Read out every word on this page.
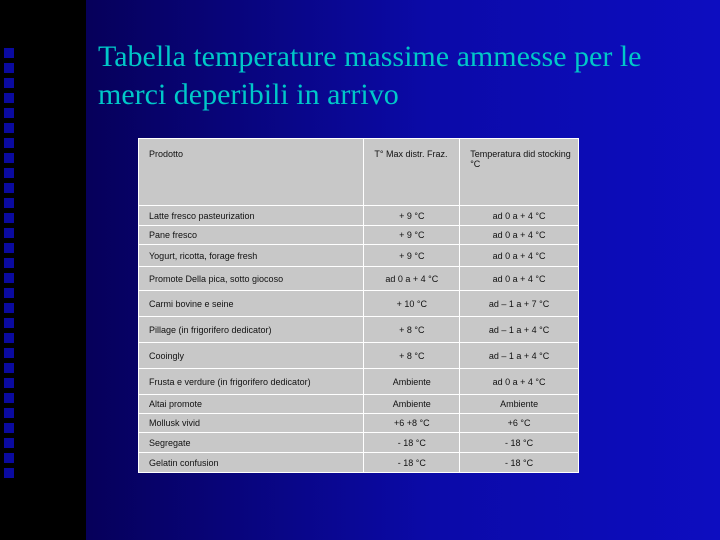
Tabella temperature massime ammesse per le merci deperibili in arrivo
Prodotto	T° Max distr. Fraz.	Temperatura did stocking °C
Latte fresco pasteurization	+ 9 °C	ad 0 a + 4 °C
Pane fresco	+ 9 °C	ad 0 a + 4 °C
Yogurt, ricotta, forage fresh	+ 9 °C	ad 0 a + 4 °C
Promote Della pica, sotto giocoso	ad 0 a + 4 °C	ad 0 a + 4 °C
Carmi bovine e seine	+ 10 °C	ad – 1 a + 7 °C
Pillage (in frigorifero dedicator)	+ 8 °C	ad – 1 a + 4 °C
Cooingly	+ 8 °C	ad – 1 a + 4 °C
Frusta e verdure (in frigorifero dedicator)	Ambiente	ad 0 a + 4 °C
Altai promote	Ambiente	Ambiente
Mollusk vivid	+6 +8 °C	+6 °C
Segregate	- 18 °C	- 18 °C
Gelatin confusion	- 18 °C	- 18 °C
